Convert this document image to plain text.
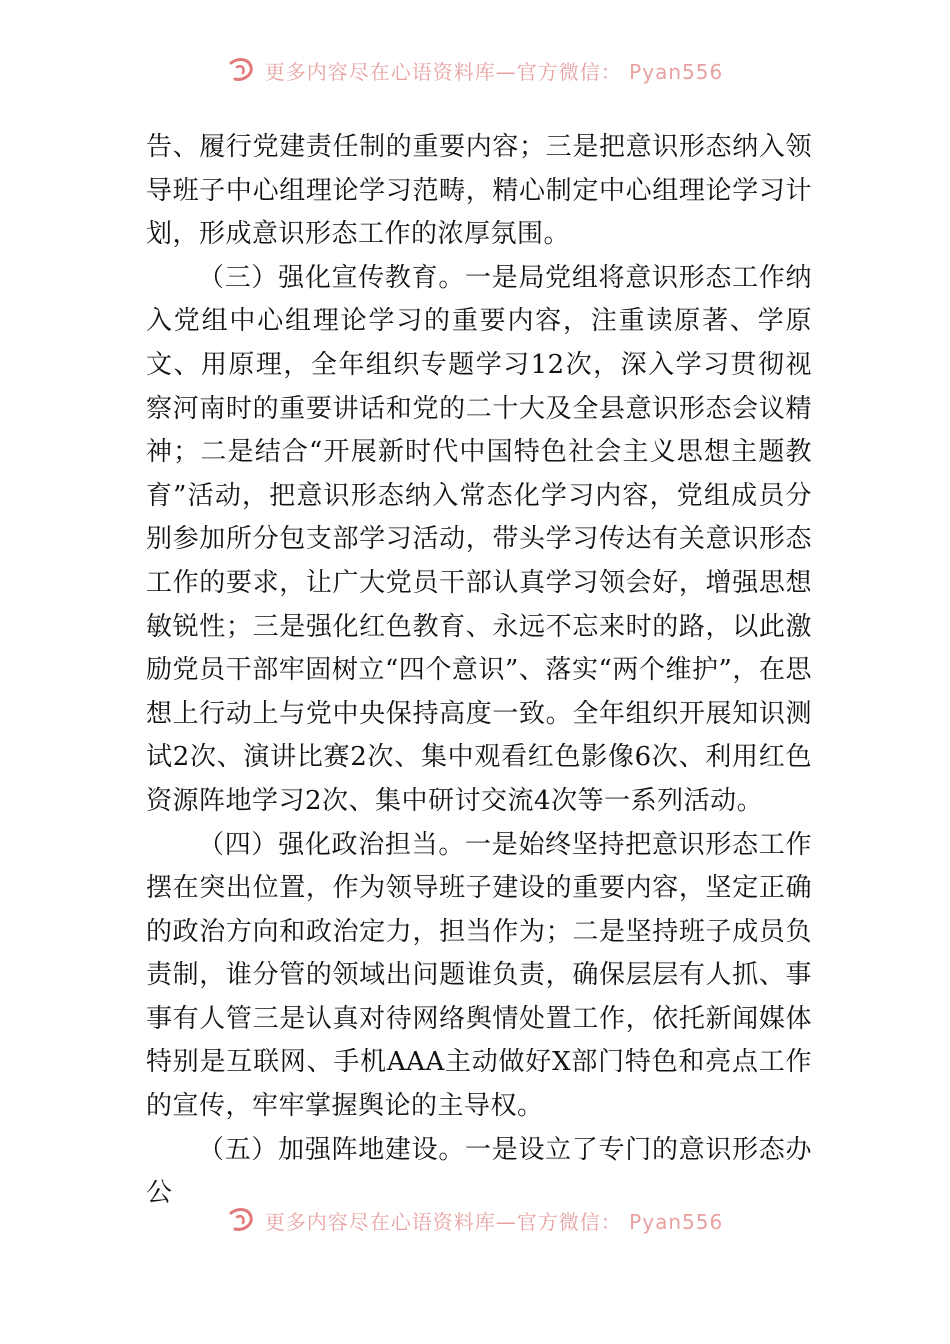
更多内容尽在心语资料库—官方微信： Pyan556

告、履行党建责任制的重要内容；三是把意识形态纳入领导班子中心组理论学习范畴，精心制定中心组理论学习计划，形成意识形态工作的浓厚氛围。

（三）强化宣传教育。一是局党组将意识形态工作纳入党组中心组理论学习的重要内容，注重读原著、学原文、用原理，全年组织专题学习12次，深入学习贯彻视察河南时的重要讲话和党的二十大及全县意识形态会议精神；二是结合“开展新时代中国特色社会主义思想主题教育”活动，把意识形态纳入常态化学习内容，党组成员分别参加所分包支部学习活动，带头学习传达有关意识形态工作的要求，让广大党员干部认真学习领会好，增强思想敏锐性；三是强化红色教育、永远不忘来时的路，以此激励党员干部牢固树立“四个意识”、落实“两个维护”，在思想上行动上与党中央保持高度一致。全年组织开展知识测试2次、演讲比赛2次、集中观看红色影像6次、利用红色资源阵地学习2次、集中研讨交流4次等一系列活动。

（四）强化政治担当。一是始终坚持把意识形态工作摆在突出位置，作为领导班子建设的重要内容，坚定正确的政治方向和政治定力，担当作为；二是坚持班子成员负责制，谁分管的领域出问题谁负责，确保层层有人抓、事事有人管三是认真对待网络舆情处置工作，依托新闻媒体特别是互联网、手机AAA主动做好X部门特色和亮点工作的宣传，牢牢掌握舆论的主导权。

（五）加强阵地建设。一是设立了专门的意识形态办公

更多内容尽在心语资料库—官方微信： Pyan556
